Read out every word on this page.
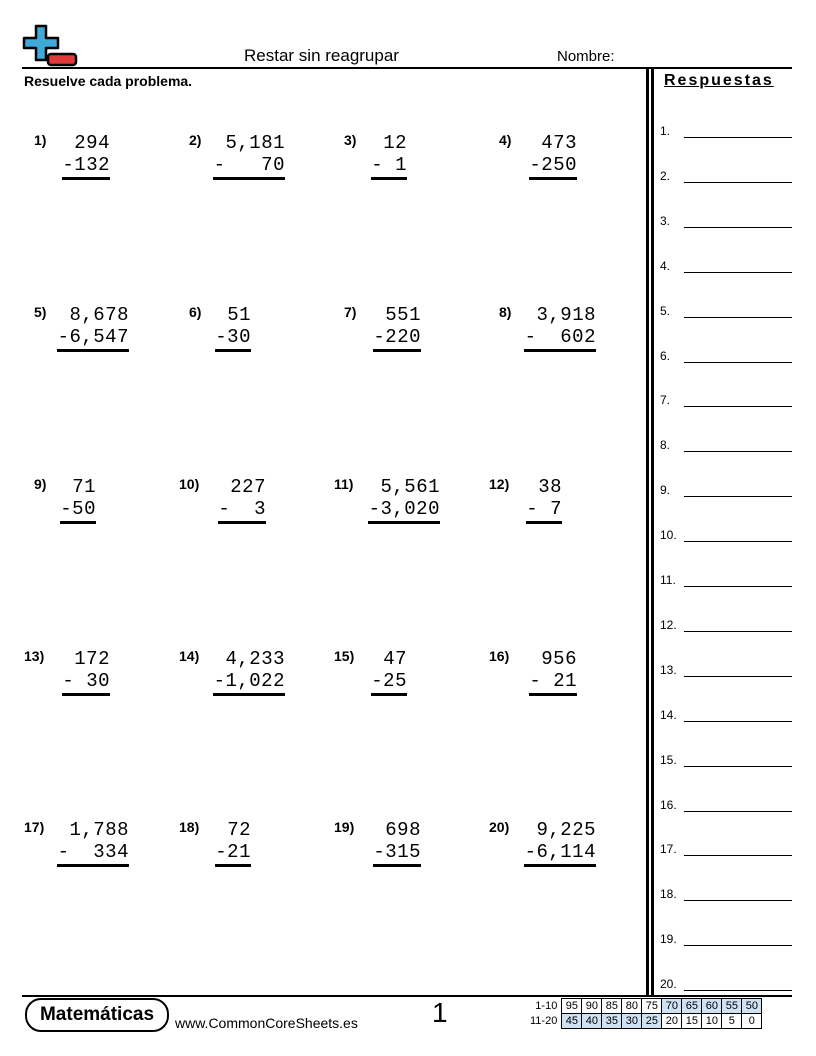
Restar sin reagrupar	Nombre:
Resuelve cada problema.	Respuestas
1.
2.
3.
4.
5.
6.
7.
8.
9.
10.
11.
12.
13.
14.
15.
16.
17.
18.
19.
20.
1) 294
-132
2) 5,181
-   70
3) 12
- 1
4) 473
-250
5) 8,678
-6,547
6) 51
-30
7) 551
-220
8) 3,918
-  602
9) 71
-50
10) 227
-  3
11) 5,561
-3,020
12) 38
- 7
13) 172
- 30
14) 4,233
-1,022
15) 47
-25
16) 956
- 21
17) 1,788
-  334
18) 72
-21
19) 698
-315
20) 9,225
-6,114
Matemáticas	www.CommonCoreSheets.es	1	1-10	95	90	85	80	75	70	65	60	55	50
11-20	45	40	35	30	25	20	15	10	5	0
